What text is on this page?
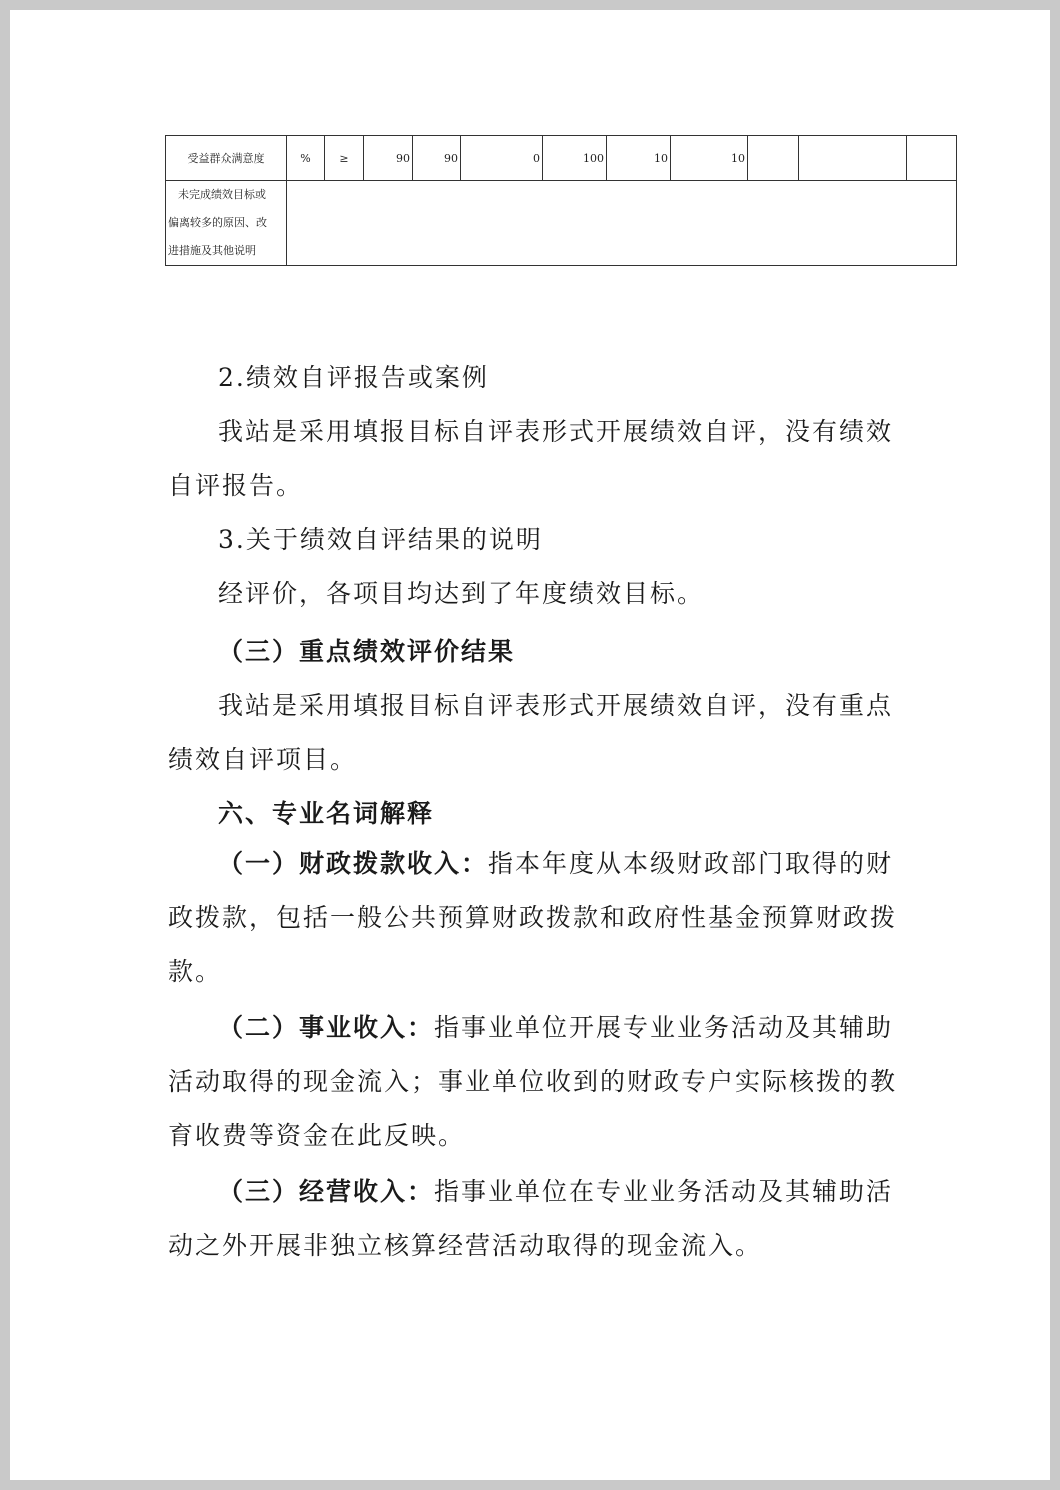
受益群众满意度	%	≥	90	90	0	100	10	10			

未完成绩效目标或
偏离较多的原因、改
进措施及其他说明											

2.绩效自评报告或案例

我站是采用填报目标自评表形式开展绩效自评，没有绩效自评报告。

3.关于绩效自评结果的说明

经评价，各项目均达到了年度绩效目标。

（三）重点绩效评价结果

我站是采用填报目标自评表形式开展绩效自评，没有重点绩效自评项目。

六、专业名词解释

（一）财政拨款收入：指本年度从本级财政部门取得的财政拨款，包括一般公共预算财政拨款和政府性基金预算财政拨款。

（二）事业收入：指事业单位开展专业业务活动及其辅助活动取得的现金流入；事业单位收到的财政专户实际核拨的教育收费等资金在此反映。

（三）经营收入：指事业单位在专业业务活动及其辅助活动之外开展非独立核算经营活动取得的现金流入。
